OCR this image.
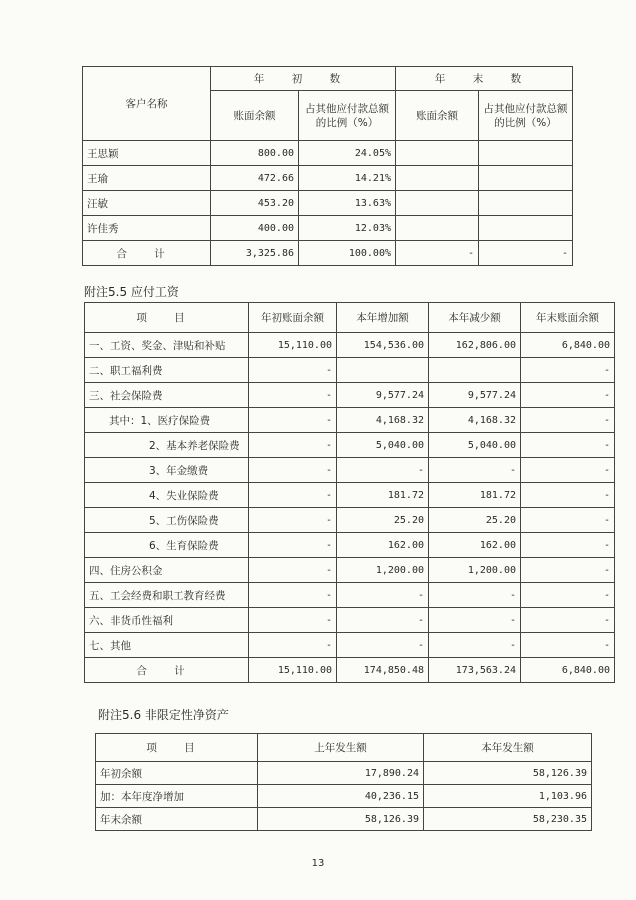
客户名称	年 初 数		年 末 数	
	账面余额	占其他应付款总额的比例（%）	账面余额	占其他应付款总额的比例（%）
王思颖	800.00	24.05%		
王瑜	472.66	14.21%		
汪敏	453.20	13.63%		
许佳秀	400.00	12.03%		
合 计	3,325.86	100.00%	-	-
附注5.5 应付工资
项 目	年初账面余额	本年增加额	本年减少额	年末账面余额
一、工资、奖金、津贴和补贴	15,110.00	154,536.00	162,806.00	6,840.00
二、职工福利费	-			-
三、社会保险费	-	9,577.24	9,577.24	-
其中：1、医疗保险费	-	4,168.32	4,168.32	-
2、基本养老保险费	-	5,040.00	5,040.00	-
3、年金缴费	-	-	-	-
4、失业保险费	-	181.72	181.72	-
5、工伤保险费	-	25.20	25.20	-
6、生育保险费	-	162.00	162.00	-
四、住房公积金	-	1,200.00	1,200.00	-
五、工会经费和职工教育经费	-	-	-	-
六、非货币性福利	-	-	-	-
七、其他	-	-	-	-
合 计	15,110.00	174,850.48	173,563.24	6,840.00
附注5.6 非限定性净资产
项 目	上年发生额	本年发生额
年初余额	17,890.24	58,126.39
加：本年度净增加	40,236.15	1,103.96
年末余额	58,126.39	58,230.35
13
